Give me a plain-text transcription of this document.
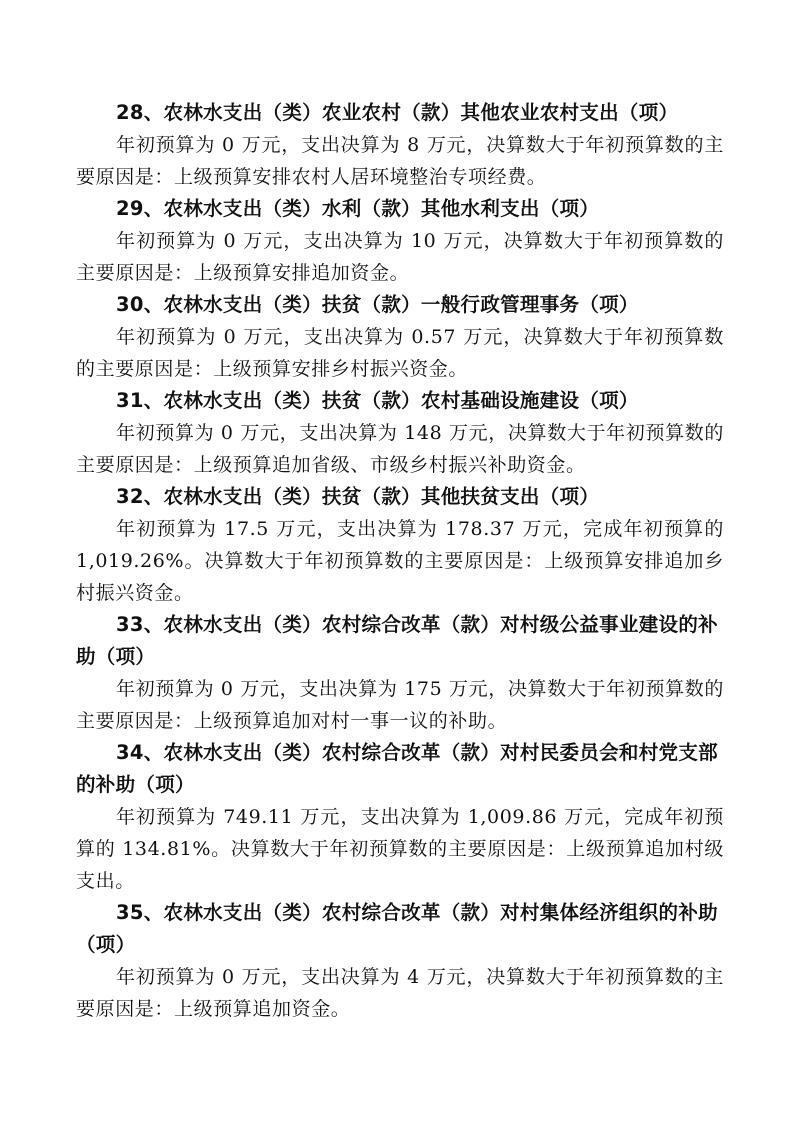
28、农林水支出（类）农业农村（款）其他农业农村支出（项）

年初预算为 0 万元，支出决算为 8 万元，决算数大于年初预算数的主要原因是：上级预算安排农村人居环境整治专项经费。

29、农林水支出（类）水利（款）其他水利支出（项）

年初预算为 0 万元，支出决算为 10 万元，决算数大于年初预算数的主要原因是：上级预算安排追加资金。

30、农林水支出（类）扶贫（款）一般行政管理事务（项）

年初预算为 0 万元，支出决算为 0.57 万元，决算数大于年初预算数的主要原因是：上级预算安排乡村振兴资金。

31、农林水支出（类）扶贫（款）农村基础设施建设（项）

年初预算为 0 万元，支出决算为 148 万元，决算数大于年初预算数的主要原因是：上级预算追加省级、市级乡村振兴补助资金。

32、农林水支出（类）扶贫（款）其他扶贫支出（项）

年初预算为 17.5 万元，支出决算为 178.37 万元，完成年初预算的 1,019.26%。决算数大于年初预算数的主要原因是：上级预算安排追加乡村振兴资金。

33、农林水支出（类）农村综合改革（款）对村级公益事业建设的补助（项）

年初预算为 0 万元，支出决算为 175 万元，决算数大于年初预算数的主要原因是：上级预算追加对村一事一议的补助。

34、农林水支出（类）农村综合改革（款）对村民委员会和村党支部的补助（项）

年初预算为 749.11 万元，支出决算为 1,009.86 万元，完成年初预算的 134.81%。决算数大于年初预算数的主要原因是：上级预算追加村级支出。

35、农林水支出（类）农村综合改革（款）对村集体经济组织的补助（项）

年初预算为 0 万元，支出决算为 4 万元，决算数大于年初预算数的主要原因是：上级预算追加资金。
